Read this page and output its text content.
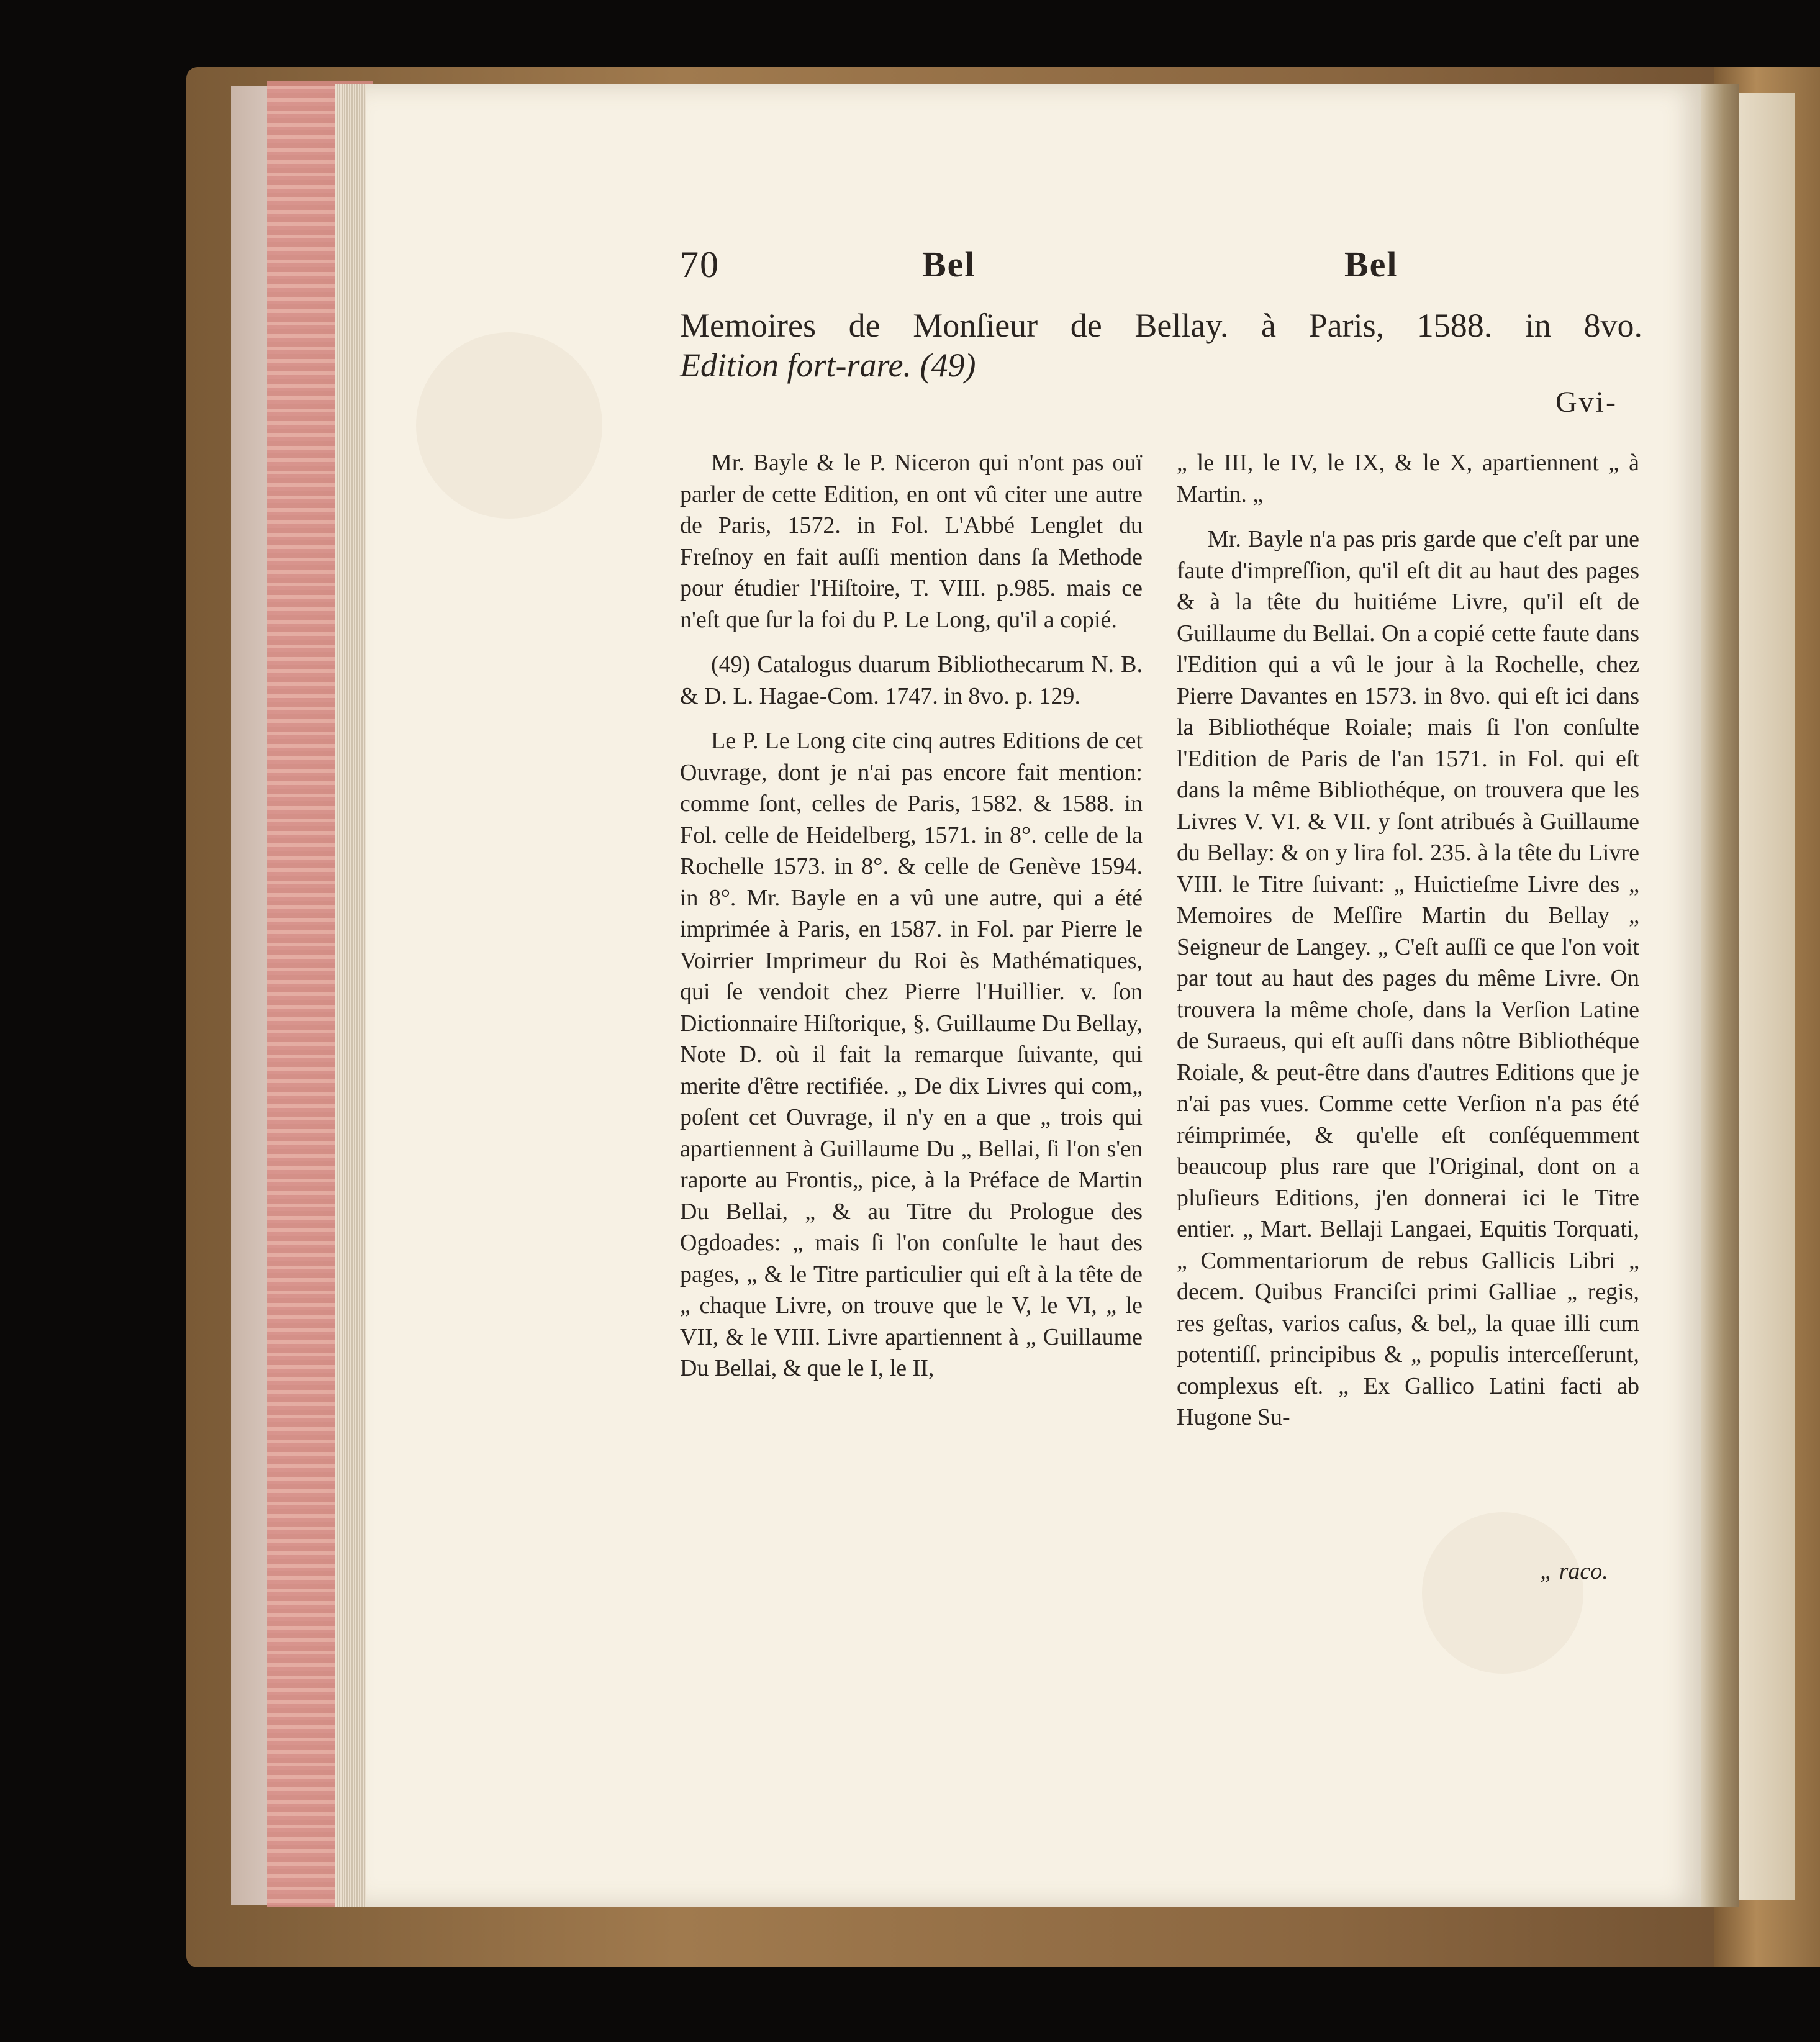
70	Bel	Bel
Memoires de Monſieur de Bellay. à Paris, 1588. in 8vo.
Edition fort-rare. (49)
Gvi-

Mr. Bayle & le P. Niceron qui n'ont pas ouï parler de cette Edition, en ont vû citer une autre de Paris, 1572. in Fol. L'Abbé Lenglet du Freſnoy en fait auſſi mention dans ſa Methode pour étudier l'Hiſtoire, T. VIII. p.985. mais ce n'eſt que ſur la foi du P. Le Long, qu'il a copié.

(49) Catalogus duarum Bibliothecarum N. B. & D. L. Hagae-Com. 1747. in 8vo. p. 129.

Le P. Le Long cite cinq autres Editions de cet Ouvrage, dont je n'ai pas encore fait mention: comme ſont, celles de Paris, 1582. & 1588. in Fol. celle de Heidelberg, 1571. in 8°. celle de la Rochelle 1573. in 8°. & celle de Genève 1594. in 8°. Mr. Bayle en a vû une autre, qui a été imprimée à Paris, en 1587. in Fol. par Pierre le Voirrier Imprimeur du Roi ès Mathématiques, qui ſe vendoit chez Pierre l'Huillier. v. ſon Dictionnaire Hiſtorique, §. Guillaume Du Bellay, Note D. où il fait la remarque ſuivante, qui merite d'être rectifiée. „ De dix Livres qui com„ poſent cet Ouvrage, il n'y en a que „ trois qui apartiennent à Guillaume Du „ Bellai, ſi l'on s'en raporte au Frontis„ pice, à la Préface de Martin Du Bellai, „ & au Titre du Prologue des Ogdoades: „ mais ſi l'on conſulte le haut des pages, „ & le Titre particulier qui eſt à la tête de „ chaque Livre, on trouve que le V, le VI, „ le VII, & le VIII. Livre apartiennent à „ Guillaume Du Bellai, & que le I, le II,

„ le III, le IV, le IX, & le X, apartiennent „ à Martin. „

Mr. Bayle n'a pas pris garde que c'eſt par une faute d'impreſſion, qu'il eſt dit au haut des pages & à la tête du huitiéme Livre, qu'il eſt de Guillaume du Bellai. On a copié cette faute dans l'Edition qui a vû le jour à la Rochelle, chez Pierre Davantes en 1573. in 8vo. qui eſt ici dans la Bibliothéque Roiale; mais ſi l'on conſulte l'Edition de Paris de l'an 1571. in Fol. qui eſt dans la même Bibliothéque, on trouvera que les Livres V. VI. & VII. y ſont atribués à Guillaume du Bellay: & on y lira fol. 235. à la tête du Livre VIII. le Titre ſuivant: „ Huictieſme Livre des „ Memoires de Meſſire Martin du Bellay „ Seigneur de Langey. „ C'eſt auſſi ce que l'on voit par tout au haut des pages du même Livre. On trouvera la même choſe, dans la Verſion Latine de Suraeus, qui eſt auſſi dans nôtre Bibliothéque Roiale, & peut-être dans d'autres Editions que je n'ai pas vues. Comme cette Verſion n'a pas été réimprimée, & qu'elle eſt conſéquemment beaucoup plus rare que l'Original, dont on a pluſieurs Editions, j'en donnerai ici le Titre entier. „ Mart. Bellaji Langaei, Equitis Torquati, „ Commentariorum de rebus Gallicis Libri „ decem. Quibus Franciſci primi Galliae „ regis, res geſtas, varios caſus, & bel„ la quae illi cum potentiſſ. principibus & „ populis interceſſerunt, complexus eſt. „ Ex Gallico Latini facti ab Hugone Su-

„ raco.
